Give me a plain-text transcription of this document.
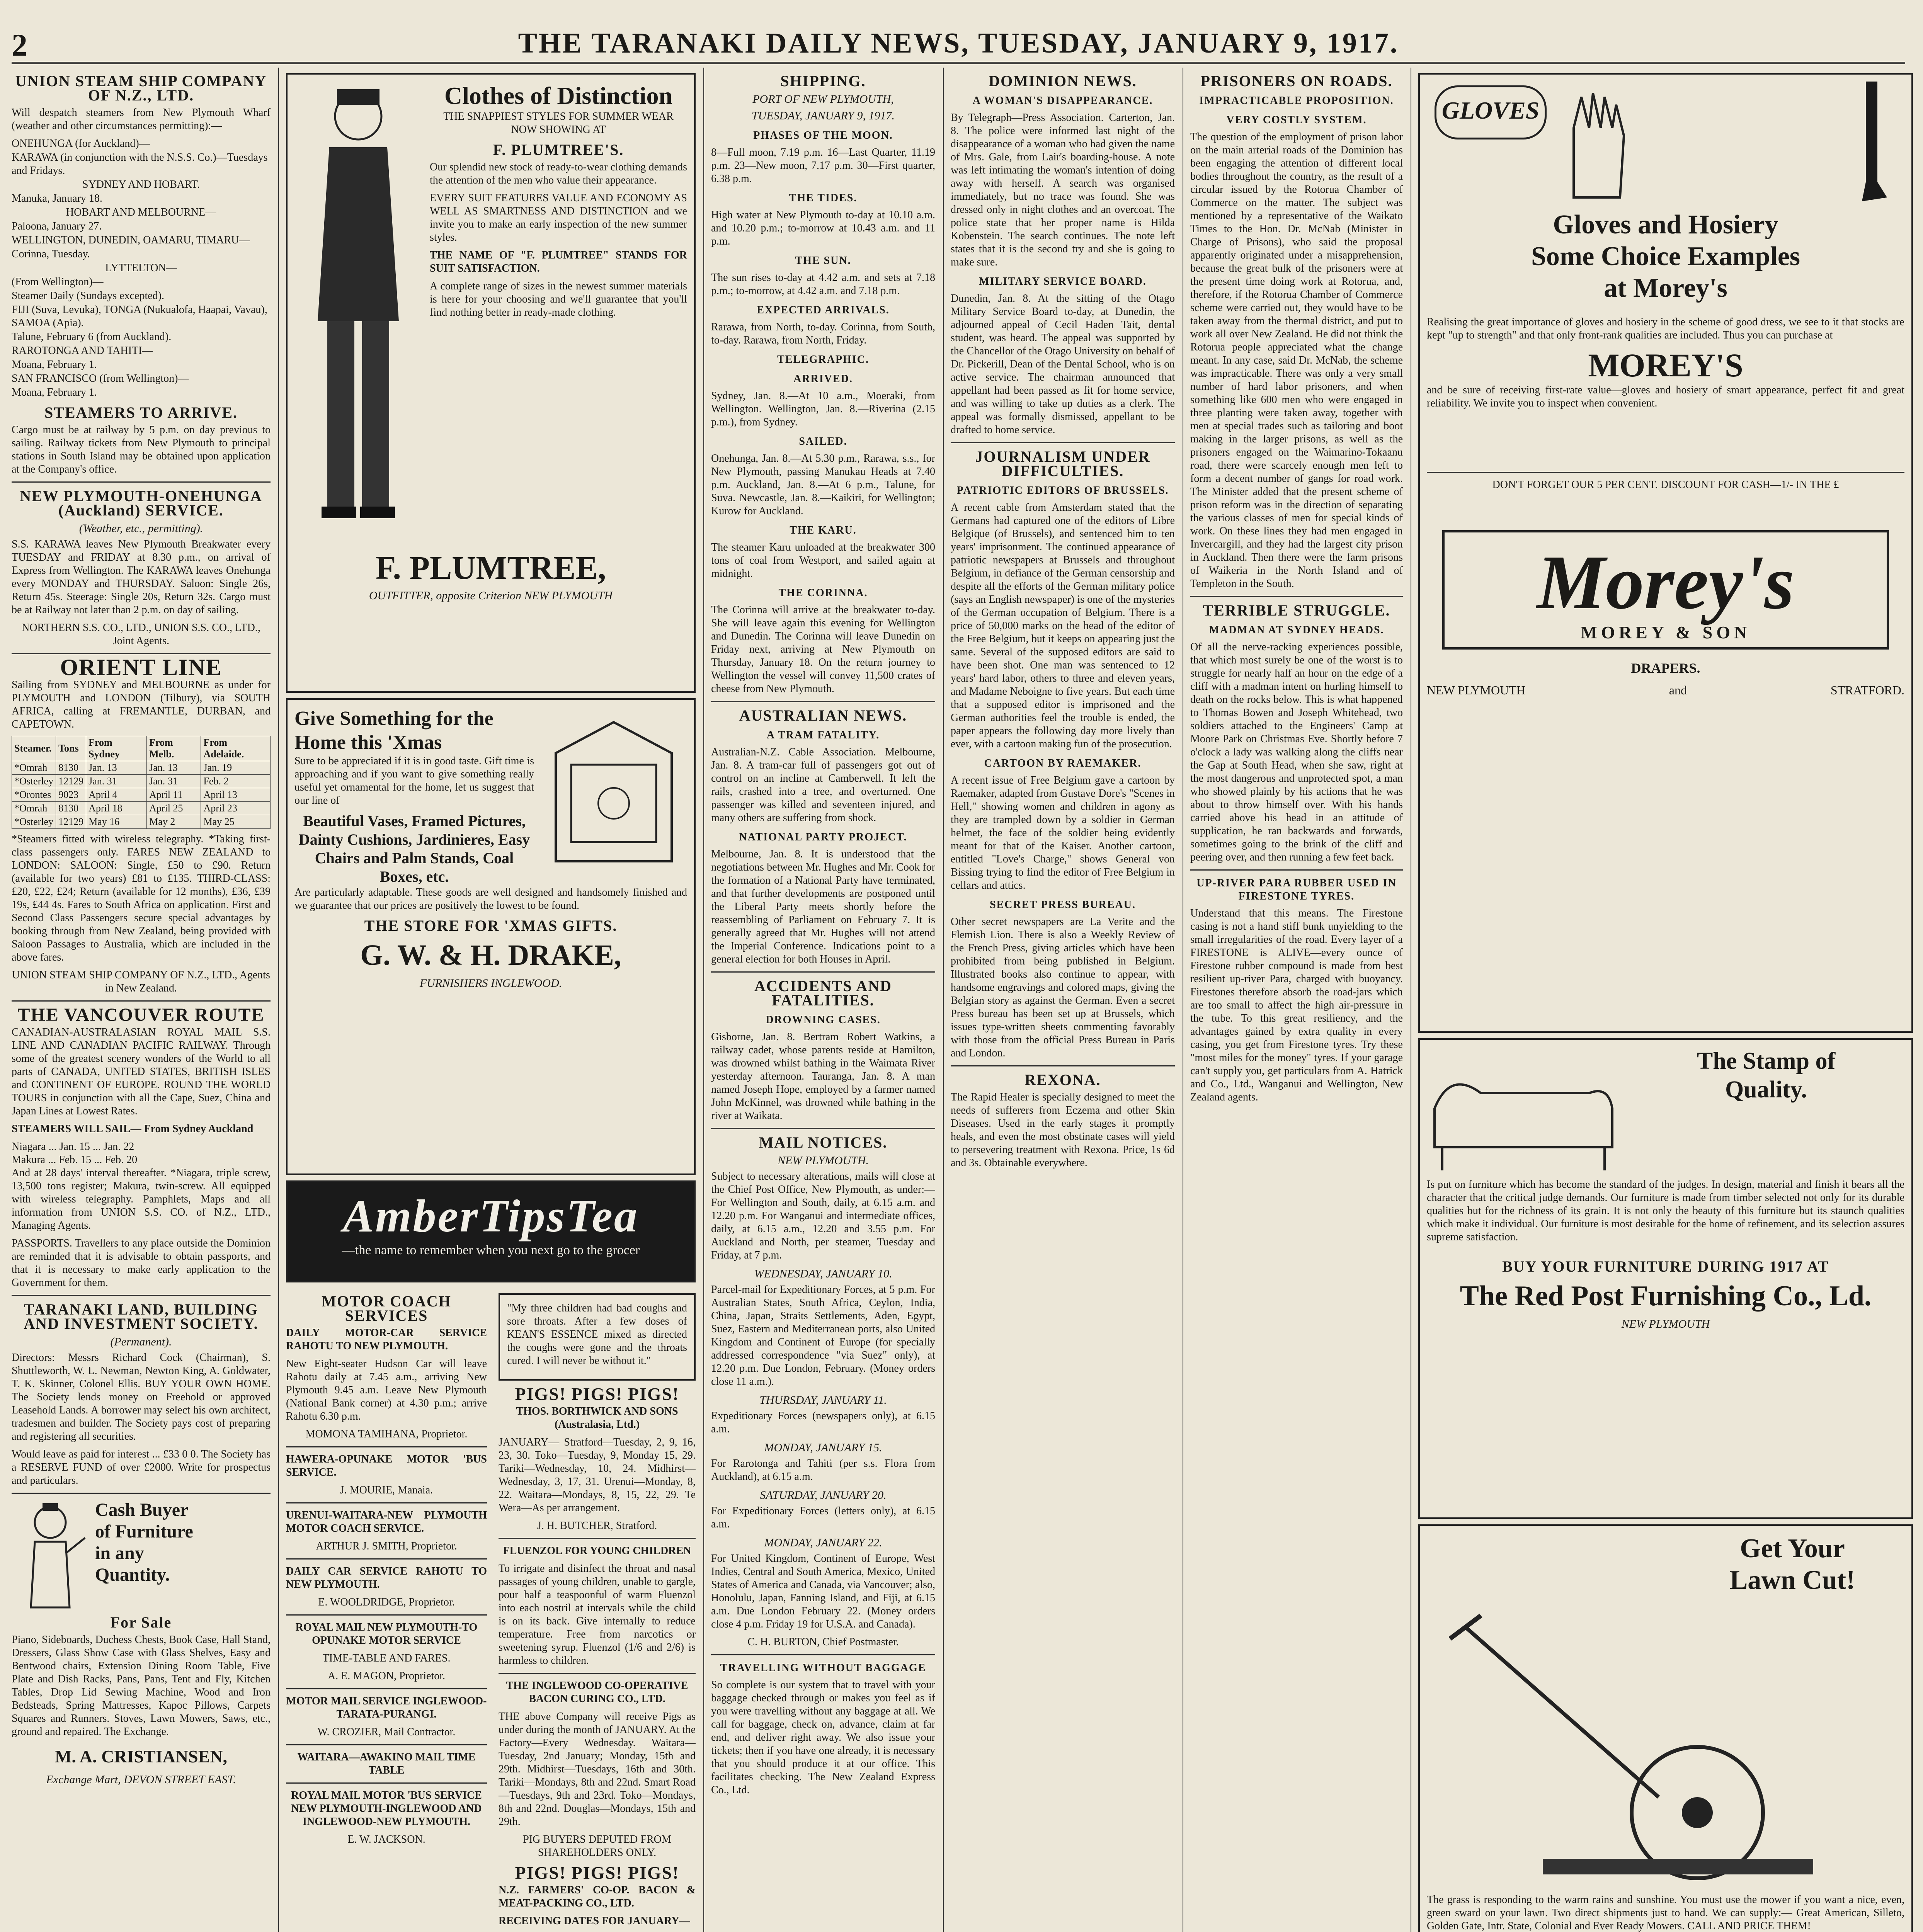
2	THE TARANAKI DAILY NEWS, TUESDAY, JANUARY 9, 1917.
UNION STEAM SHIP COMPANY OF N.Z., LTD.
Will despatch steamers from New Plymouth Wharf (weather and other circumstances permitting):—
ONEHUNGA (for Auckland)—
KARAWA (in conjunction with the N.S.S. Co.)—Tuesdays and Fridays.
SYDNEY AND HOBART.
Manuka, January 18.
HOBART AND MELBOURNE—
Paloona, January 27.
WELLINGTON, DUNEDIN, OAMARU, TIMARU—
Corinna, Tuesday.
LYTTELTON—
(From Wellington)—
Steamer Daily (Sundays excepted).
FIJI (Suva, Levuka), TONGA (Nukualofa, Haapai, Vavau), SAMOA (Apia).
Talune, February 6 (from Auckland).
RAROTONGA AND TAHITI—
Moana, February 1.
SAN FRANCISCO (from Wellington)—
Moana, February 1.
STEAMERS TO ARRIVE.
Cargo must be at railway by 5 p.m. on day previous to sailing. Railway tickets from New Plymouth to principal stations in South Island may be obtained upon application at the Company's office.
NEW PLYMOUTH-ONEHUNGA (Auckland) SERVICE.
(Weather, etc., permitting).
S.S. KARAWA leaves New Plymouth Breakwater every TUESDAY and FRIDAY at 8.30 p.m., on arrival of Express from Wellington. The KARAWA leaves Onehunga every MONDAY and THURSDAY. Saloon: Single 26s, Return 45s. Steerage: Single 20s, Return 32s. Cargo must be at Railway not later than 2 p.m. on day of sailing.
NORTHERN S.S. CO., LTD., UNION S.S. CO., LTD., Joint Agents.
ORIENT LINE
Sailing from SYDNEY and MELBOURNE as under for PLYMOUTH and LONDON (Tilbury), via SOUTH AFRICA, calling at FREMANTLE, DURBAN, and CAPETOWN.
Steamer.	Tons	From Sydney	From Melb.	From Adelaide.
*Omrah	8130	Jan. 13	Jan. 13	Jan. 19
*Osterley	12129	Jan. 31	Jan. 31	Feb. 2
*Orontes	9023	April 4	April 11	April 13
*Omrah	8130	April 18	April 25	April 23
*Osterley	12129	May 16	May 2	May 25
*Steamers fitted with wireless telegraphy. *Taking first-class passengers only. FARES NEW ZEALAND to LONDON: SALOON: Single, £50 to £90. Return (available for two years) £81 to £135. THIRD-CLASS: £20, £22, £24; Return (available for 12 months), £36, £39 19s, £44 4s. Fares to South Africa on application. First and Second Class Passengers secure special advantages by booking through from New Zealand, being provided with Saloon Passages to Australia, which are included in the above fares.
UNION STEAM SHIP COMPANY OF N.Z., LTD., Agents in New Zealand.
THE VANCOUVER ROUTE
CANADIAN-AUSTRALASIAN ROYAL MAIL S.S. LINE AND CANADIAN PACIFIC RAILWAY. Through some of the greatest scenery wonders of the World to all parts of CANADA, UNITED STATES, BRITISH ISLES and CONTINENT OF EUROPE. ROUND THE WORLD TOURS in conjunction with all the Cape, Suez, China and Japan Lines at Lowest Rates.
STEAMERS WILL SAIL— From Sydney Auckland
Niagara ... Jan. 15 ... Jan. 22
Makura ... Feb. 15 ... Feb. 20
And at 28 days' interval thereafter. *Niagara, triple screw, 13,500 tons register; Makura, twin-screw. All equipped with wireless telegraphy. Pamphlets, Maps and all information from UNION S.S. CO. of N.Z., LTD., Managing Agents.
PASSPORTS. Travellers to any place outside the Dominion are reminded that it is advisable to obtain passports, and that it is necessary to make early application to the Government for them.
TARANAKI LAND, BUILDING AND INVESTMENT SOCIETY.
(Permanent).
Directors: Messrs Richard Cock (Chairman), S. Shuttleworth, W. L. Newman, Newton King, A. Goldwater, T. K. Skinner, Colonel Ellis. BUY YOUR OWN HOME. The Society lends money on Freehold or approved Leasehold Lands. A borrower may select his own architect, tradesmen and builder. The Society pays cost of preparing and registering all securities.
Would leave as paid for interest ... £33 0 0. The Society has a RESERVE FUND of over £2000. Write for prospectus and particulars.
Cash Buyer
of Furniture
in any
Quantity.
For Sale
Piano, Sideboards, Duchess Chests, Book Case, Hall Stand, Dressers, Glass Show Case with Glass Shelves, Easy and Bentwood chairs, Extension Dining Room Table, Five Plate and Dish Racks, Pans, Pans, Tent and Fly, Kitchen Tables, Drop Lid Sewing Machine, Wood and Iron Bedsteads, Spring Mattresses, Kapoc Pillows, Carpets Squares and Runners. Stoves, Lawn Mowers, Saws, etc., ground and repaired. The Exchange.
M. A. CRISTIANSEN,
Exchange Mart, DEVON STREET EAST.
Clothes of Distinction
THE SNAPPIEST STYLES FOR SUMMER WEAR NOW SHOWING AT
F. PLUMTREE'S.
Our splendid new stock of ready-to-wear clothing demands the attention of the men who value their appearance.
EVERY SUIT FEATURES VALUE AND ECONOMY AS WELL AS SMARTNESS AND DISTINCTION and we invite you to make an early inspection of the new summer styles.
THE NAME OF "F. PLUMTREE" STANDS FOR SUIT SATISFACTION.
A complete range of sizes in the newest summer materials is here for your choosing and we'll guarantee that you'll find nothing better in ready-made clothing.
F. PLUMTREE,
OUTFITTER, opposite Criterion NEW PLYMOUTH
Give Something for the Home this 'Xmas
Sure to be appreciated if it is in good taste. Gift time is approaching and if you want to give something really useful yet ornamental for the home, let us suggest that our line of
Beautiful Vases, Framed Pictures, Dainty Cushions, Jardinieres, Easy Chairs and Palm Stands, Coal Boxes, etc.
Are particularly adaptable. These goods are well designed and handsomely finished and we guarantee that our prices are positively the lowest to be found.
THE STORE FOR 'XMAS GIFTS.
G. W. & H. DRAKE,
FURNISHERS INGLEWOOD.
AmberTipsTea
—the name to remember when you next go to the grocer
MOTOR COACH SERVICES
DAILY MOTOR-CAR SERVICE RAHOTU TO NEW PLYMOUTH.
New Eight-seater Hudson Car will leave Rahotu daily at 7.45 a.m., arriving New Plymouth 9.45 a.m. Leave New Plymouth (National Bank corner) at 4.30 p.m.; arrive Rahotu 6.30 p.m.
MOMONA TAMIHANA, Proprietor.
HAWERA-OPUNAKE MOTOR 'BUS SERVICE.
J. MOURIE, Manaia.
URENUI-WAITARA-NEW PLYMOUTH MOTOR COACH SERVICE.
ARTHUR J. SMITH, Proprietor.
DAILY CAR SERVICE RAHOTU TO NEW PLYMOUTH.
E. WOOLDRIDGE, Proprietor.
ROYAL MAIL NEW PLYMOUTH-TO OPUNAKE MOTOR SERVICE
TIME-TABLE AND FARES.
A. E. MAGON, Proprietor.
MOTOR MAIL SERVICE INGLEWOOD-TARATA-PURANGI.
W. CROZIER, Mail Contractor.
WAITARA—AWAKINO MAIL TIME TABLE
ROYAL MAIL MOTOR 'BUS SERVICE NEW PLYMOUTH-INGLEWOOD AND INGLEWOOD-NEW PLYMOUTH.
E. W. JACKSON.
"My three children had bad coughs and sore throats. After a few doses of KEAN'S ESSENCE mixed as directed the coughs were gone and the throats cured. I will never be without it."
PIGS! PIGS! PIGS!
THOS. BORTHWICK AND SONS (Australasia, Ltd.)
JANUARY— Stratford—Tuesday, 2, 9, 16, 23, 30. Toko—Tuesday, 9, Monday 15, 29. Tariki—Wednesday, 10, 24. Midhirst—Wednesday, 3, 17, 31. Urenui—Monday, 8, 22. Waitara—Mondays, 8, 15, 22, 29. Te Wera—As per arrangement.
J. H. BUTCHER, Stratford.
FLUENZOL FOR YOUNG CHILDREN
To irrigate and disinfect the throat and nasal passages of young children, unable to gargle, pour half a teaspoonful of warm Fluenzol into each nostril at intervals while the child is on its back. Give internally to reduce temperature. Free from narcotics or sweetening syrup. Fluenzol (1/6 and 2/6) is harmless to children.
THE INGLEWOOD CO-OPERATIVE BACON CURING CO., LTD.
THE above Company will receive Pigs as under during the month of JANUARY. At the Factory—Every Wednesday. Waitara—Tuesday, 2nd January; Monday, 15th and 29th. Midhirst—Tuesdays, 16th and 30th. Tariki—Mondays, 8th and 22nd. Smart Road—Tuesdays, 9th and 23rd. Toko—Mondays, 8th and 22nd. Douglas—Mondays, 15th and 29th.
PIG BUYERS DEPUTED FROM SHAREHOLDERS ONLY.
PIGS! PIGS! PIGS!
N.Z. FARMERS' CO-OP. BACON & MEAT-PACKING CO., LTD.
RECEIVING DATES FOR JANUARY—
SHIPPING.
PORT OF NEW PLYMOUTH,
TUESDAY, JANUARY 9, 1917.
PHASES OF THE MOON.
8—Full moon, 7.19 p.m. 16—Last Quarter, 11.19 p.m. 23—New moon, 7.17 p.m. 30—First quarter, 6.38 p.m.
THE TIDES.
High water at New Plymouth to-day at 10.10 a.m. and 10.20 p.m.; to-morrow at 10.43 a.m. and 11 p.m.
THE SUN.
The sun rises to-day at 4.42 a.m. and sets at 7.18 p.m.; to-morrow, at 4.42 a.m. and 7.18 p.m.
EXPECTED ARRIVALS.
Rarawa, from North, to-day. Corinna, from South, to-day. Rarawa, from North, Friday.
TELEGRAPHIC.
ARRIVED.
Sydney, Jan. 8.—At 10 a.m., Moeraki, from Wellington. Wellington, Jan. 8.—Riverina (2.15 p.m.), from Sydney.
SAILED.
Onehunga, Jan. 8.—At 5.30 p.m., Rarawa, s.s., for New Plymouth, passing Manukau Heads at 7.40 p.m. Auckland, Jan. 8.—At 6 p.m., Talune, for Suva. Newcastle, Jan. 8.—Kaikiri, for Wellington; Kurow for Auckland.
THE KARU.
The steamer Karu unloaded at the breakwater 300 tons of coal from Westport, and sailed again at midnight.
THE CORINNA.
The Corinna will arrive at the breakwater to-day. She will leave again this evening for Wellington and Dunedin. The Corinna will leave Dunedin on Friday next, arriving at New Plymouth on Thursday, January 18. On the return journey to Wellington the vessel will convey 11,500 crates of cheese from New Plymouth.
AUSTRALIAN NEWS.
A TRAM FATALITY.
Australian-N.Z. Cable Association. Melbourne, Jan. 8. A tram-car full of passengers got out of control on an incline at Camberwell. It left the rails, crashed into a tree, and overturned. One passenger was killed and seventeen injured, and many others are suffering from shock.
NATIONAL PARTY PROJECT.
Melbourne, Jan. 8. It is understood that the negotiations between Mr. Hughes and Mr. Cook for the formation of a National Party have terminated, and that further developments are postponed until the Liberal Party meets shortly before the reassembling of Parliament on February 7. It is generally agreed that Mr. Hughes will not attend the Imperial Conference. Indications point to a general election for both Houses in April.
ACCIDENTS AND FATALITIES.
DROWNING CASES.
Gisborne, Jan. 8. Bertram Robert Watkins, a railway cadet, whose parents reside at Hamilton, was drowned whilst bathing in the Waimata River yesterday afternoon. Tauranga, Jan. 8. A man named Joseph Hope, employed by a farmer named John McKinnel, was drowned while bathing in the river at Waikata.
MAIL NOTICES.
NEW PLYMOUTH.
Subject to necessary alterations, mails will close at the Chief Post Office, New Plymouth, as under:— For Wellington and South, daily, at 6.15 a.m. and 12.20 p.m. For Wanganui and intermediate offices, daily, at 6.15 a.m., 12.20 and 3.55 p.m. For Auckland and North, per steamer, Tuesday and Friday, at 7 p.m.
WEDNESDAY, JANUARY 10.
Parcel-mail for Expeditionary Forces, at 5 p.m. For Australian States, South Africa, Ceylon, India, China, Japan, Straits Settlements, Aden, Egypt, Suez, Eastern and Mediterranean ports, also United Kingdom and Continent of Europe (for specially addressed correspondence "via Suez" only), at 12.20 p.m. Due London, February. (Money orders close 11 a.m.).
THURSDAY, JANUARY 11.
Expeditionary Forces (newspapers only), at 6.15 a.m.
MONDAY, JANUARY 15.
For Rarotonga and Tahiti (per s.s. Flora from Auckland), at 6.15 a.m.
SATURDAY, JANUARY 20.
For Expeditionary Forces (letters only), at 6.15 a.m.
MONDAY, JANUARY 22.
For United Kingdom, Continent of Europe, West Indies, Central and South America, Mexico, United States of America and Canada, via Vancouver; also, Honolulu, Japan, Fanning Island, and Fiji, at 6.15 a.m. Due London February 22. (Money orders close 4 p.m. Friday 19 for U.S.A. and Canada).
C. H. BURTON, Chief Postmaster.
TRAVELLING WITHOUT BAGGAGE
So complete is our system that to travel with your baggage checked through or makes you feel as if you were travelling without any baggage at all. We call for baggage, check on, advance, claim at far end, and deliver right away. We also issue your tickets; then if you have one already, it is necessary that you should produce it at our office. This facilitates checking. The New Zealand Express Co., Ltd.
DOMINION NEWS.
A WOMAN'S DISAPPEARANCE.
By Telegraph—Press Association. Carterton, Jan. 8. The police were informed last night of the disappearance of a woman who had given the name of Mrs. Gale, from Lair's boarding-house. A note was left intimating the woman's intention of doing away with herself. A search was organised immediately, but no trace was found. She was dressed only in night clothes and an overcoat. The police state that her proper name is Hilda Kobenstein. The search continues. The note left states that it is the second try and she is going to make sure.
MILITARY SERVICE BOARD.
Dunedin, Jan. 8. At the sitting of the Otago Military Service Board to-day, at Dunedin, the adjourned appeal of Cecil Haden Tait, dental student, was heard. The appeal was supported by the Chancellor of the Otago University on behalf of Dr. Pickerill, Dean of the Dental School, who is on active service. The chairman announced that appellant had been passed as fit for home service, and was willing to take up duties as a clerk. The appeal was formally dismissed, appellant to be drafted to home service.
JOURNALISM UNDER DIFFICULTIES.
PATRIOTIC EDITORS OF BRUSSELS.
A recent cable from Amsterdam stated that the Germans had captured one of the editors of Libre Belgique (of Brussels), and sentenced him to ten years' imprisonment. The continued appearance of patriotic newspapers at Brussels and throughout Belgium, in defiance of the German censorship and despite all the efforts of the German military police (says an English newspaper) is one of the mysteries of the German occupation of Belgium. There is a price of 50,000 marks on the head of the editor of the Free Belgium, but it keeps on appearing just the same. Several of the supposed editors are said to have been shot. One man was sentenced to 12 years' hard labor, others to three and eleven years, and Madame Neboigne to five years. But each time that a supposed editor is imprisoned and the German authorities feel the trouble is ended, the paper appears the following day more lively than ever, with a cartoon making fun of the prosecution.
CARTOON BY RAEMAKER.
A recent issue of Free Belgium gave a cartoon by Raemaker, adapted from Gustave Dore's "Scenes in Hell," showing women and children in agony as they are trampled down by a soldier in German helmet, the face of the soldier being evidently meant for that of the Kaiser. Another cartoon, entitled "Love's Charge," shows General von Bissing trying to find the editor of Free Belgium in cellars and attics.
SECRET PRESS BUREAU.
Other secret newspapers are La Verite and the Flemish Lion. There is also a Weekly Review of the French Press, giving articles which have been prohibited from being published in Belgium. Illustrated books also continue to appear, with handsome engravings and colored maps, giving the Belgian story as against the German. Even a secret Press bureau has been set up at Brussels, which issues type-written sheets commenting favorably with those from the official Press Bureau in Paris and London.
REXONA.
The Rapid Healer is specially designed to meet the needs of sufferers from Eczema and other Skin Diseases. Used in the early stages it promptly heals, and even the most obstinate cases will yield to persevering treatment with Rexona. Price, 1s 6d and 3s. Obtainable everywhere.
PRISONERS ON ROADS.
IMPRACTICABLE PROPOSITION.
VERY COSTLY SYSTEM.
The question of the employment of prison labor on the main arterial roads of the Dominion has been engaging the attention of different local bodies throughout the country, as the result of a circular issued by the Rotorua Chamber of Commerce on the matter. The subject was mentioned by a representative of the Waikato Times to the Hon. Dr. McNab (Minister in Charge of Prisons), who said the proposal apparently originated under a misapprehension, because the great bulk of the prisoners were at the present time doing work at Rotorua, and, therefore, if the Rotorua Chamber of Commerce scheme were carried out, they would have to be taken away from the thermal district, and put to work all over New Zealand. He did not think the Rotorua people appreciated what the change meant. In any case, said Dr. McNab, the scheme was impracticable. There was only a very small number of hard labor prisoners, and when something like 600 men who were engaged in three planting were taken away, together with men at special trades such as tailoring and boot making in the larger prisons, as well as the prisoners engaged on the Waimarino-Tokaanu road, there were scarcely enough men left to form a decent number of gangs for road work. The Minister added that the present scheme of prison reform was in the direction of separating the various classes of men for special kinds of work. On these lines they had men engaged in Invercargill, and they had the largest city prison in Auckland. Then there were the farm prisons of Waikeria in the North Island and of Templeton in the South.
TERRIBLE STRUGGLE.
MADMAN AT SYDNEY HEADS.
Of all the nerve-racking experiences possible, that which most surely be one of the worst is to struggle for nearly half an hour on the edge of a cliff with a madman intent on hurling himself to death on the rocks below. This is what happened to Thomas Bowen and Joseph Whitehead, two soldiers attached to the Engineers' Camp at Moore Park on Christmas Eve. Shortly before 7 o'clock a lady was walking along the cliffs near the Gap at South Head, when she saw, right at the most dangerous and unprotected spot, a man who showed plainly by his actions that he was about to throw himself over. With his hands carried above his head in an attitude of supplication, he ran backwards and forwards, sometimes going to the brink of the cliff and peering over, and then running a few feet back.
UP-RIVER PARA RUBBER USED IN FIRESTONE TYRES.
Understand that this means. The Firestone casing is not a hand stiff bunk unyielding to the small irregularities of the road. Every layer of a FIRESTONE is ALIVE—every ounce of Firestone rubber compound is made from best resilient up-river Para, charged with buoyancy. Firestones therefore absorb the road-jars which are too small to affect the high air-pressure in the tube. To this great resiliency, and the advantages gained by extra quality in every casing, you get from Firestone tyres. Try these "most miles for the money" tyres. If your garage can't supply you, get particulars from A. Hatrick and Co., Ltd., Wanganui and Wellington, New Zealand agents.
GLOVES
Gloves and Hosiery
Some Choice Examples
at Morey's
Realising the great importance of gloves and hosiery in the scheme of good dress, we see to it that stocks are kept "up to strength" and that only front-rank qualities are included. Thus you can purchase at
MOREY'S
and be sure of receiving first-rate value—gloves and hosiery of smart appearance, perfect fit and great reliability. We invite you to inspect when convenient.
DON'T FORGET OUR 5 PER CENT. DISCOUNT FOR CASH—1/- IN THE £
Morey's
MOREY & SON
DRAPERS.
NEW PLYMOUTH	and	STRATFORD.
The Stamp of
Quality.
Is put on furniture which has become the standard of the judges. In design, material and finish it bears all the character that the critical judge demands. Our furniture is made from timber selected not only for its durable qualities but for the richness of its grain. It is not only the beauty of this furniture but its staunch qualities which make it individual. Our furniture is most desirable for the home of refinement, and its selection assures supreme satisfaction.
BUY YOUR FURNITURE DURING 1917 AT
The Red Post Furnishing Co., Ld.
NEW PLYMOUTH
Get Your
Lawn Cut!
The grass is responding to the warm rains and sunshine. You must use the mower if you want a nice, even, green sward on your lawn. Two direct shipments just to hand. We can supply:— Great American, Silleto, Golden Gate, Intr. State, Colonial and Ever Ready Mowers. CALL AND PRICE THEM!
